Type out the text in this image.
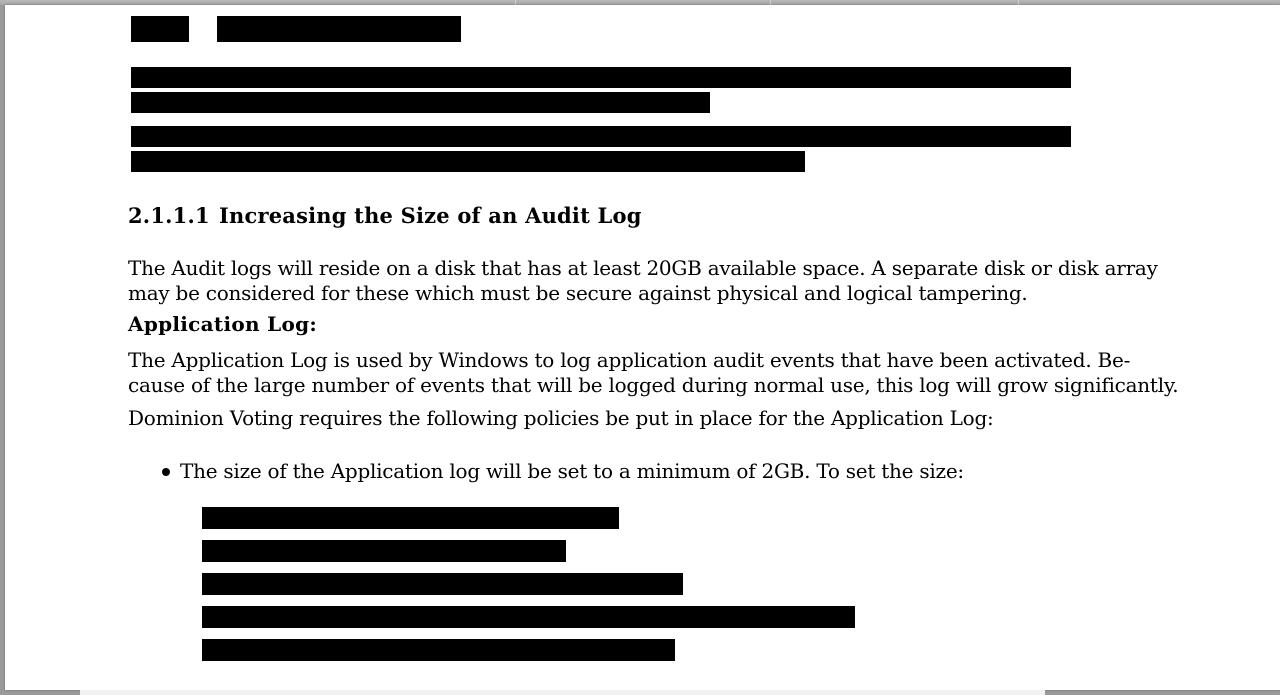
2.1.1.1 Increasing the Size of an Audit Log
The Audit logs will reside on a disk that has at least 20GB available space. A separate disk or disk array
may be considered for these which must be secure against physical and logical tampering.
Application Log:
The Application Log is used by Windows to log application audit events that have been activated. Be-
cause of the large number of events that will be logged during normal use, this log will grow significantly.
Dominion Voting requires the following policies be put in place for the Application Log:
The size of the Application log will be set to a minimum of 2GB. To set the size:
